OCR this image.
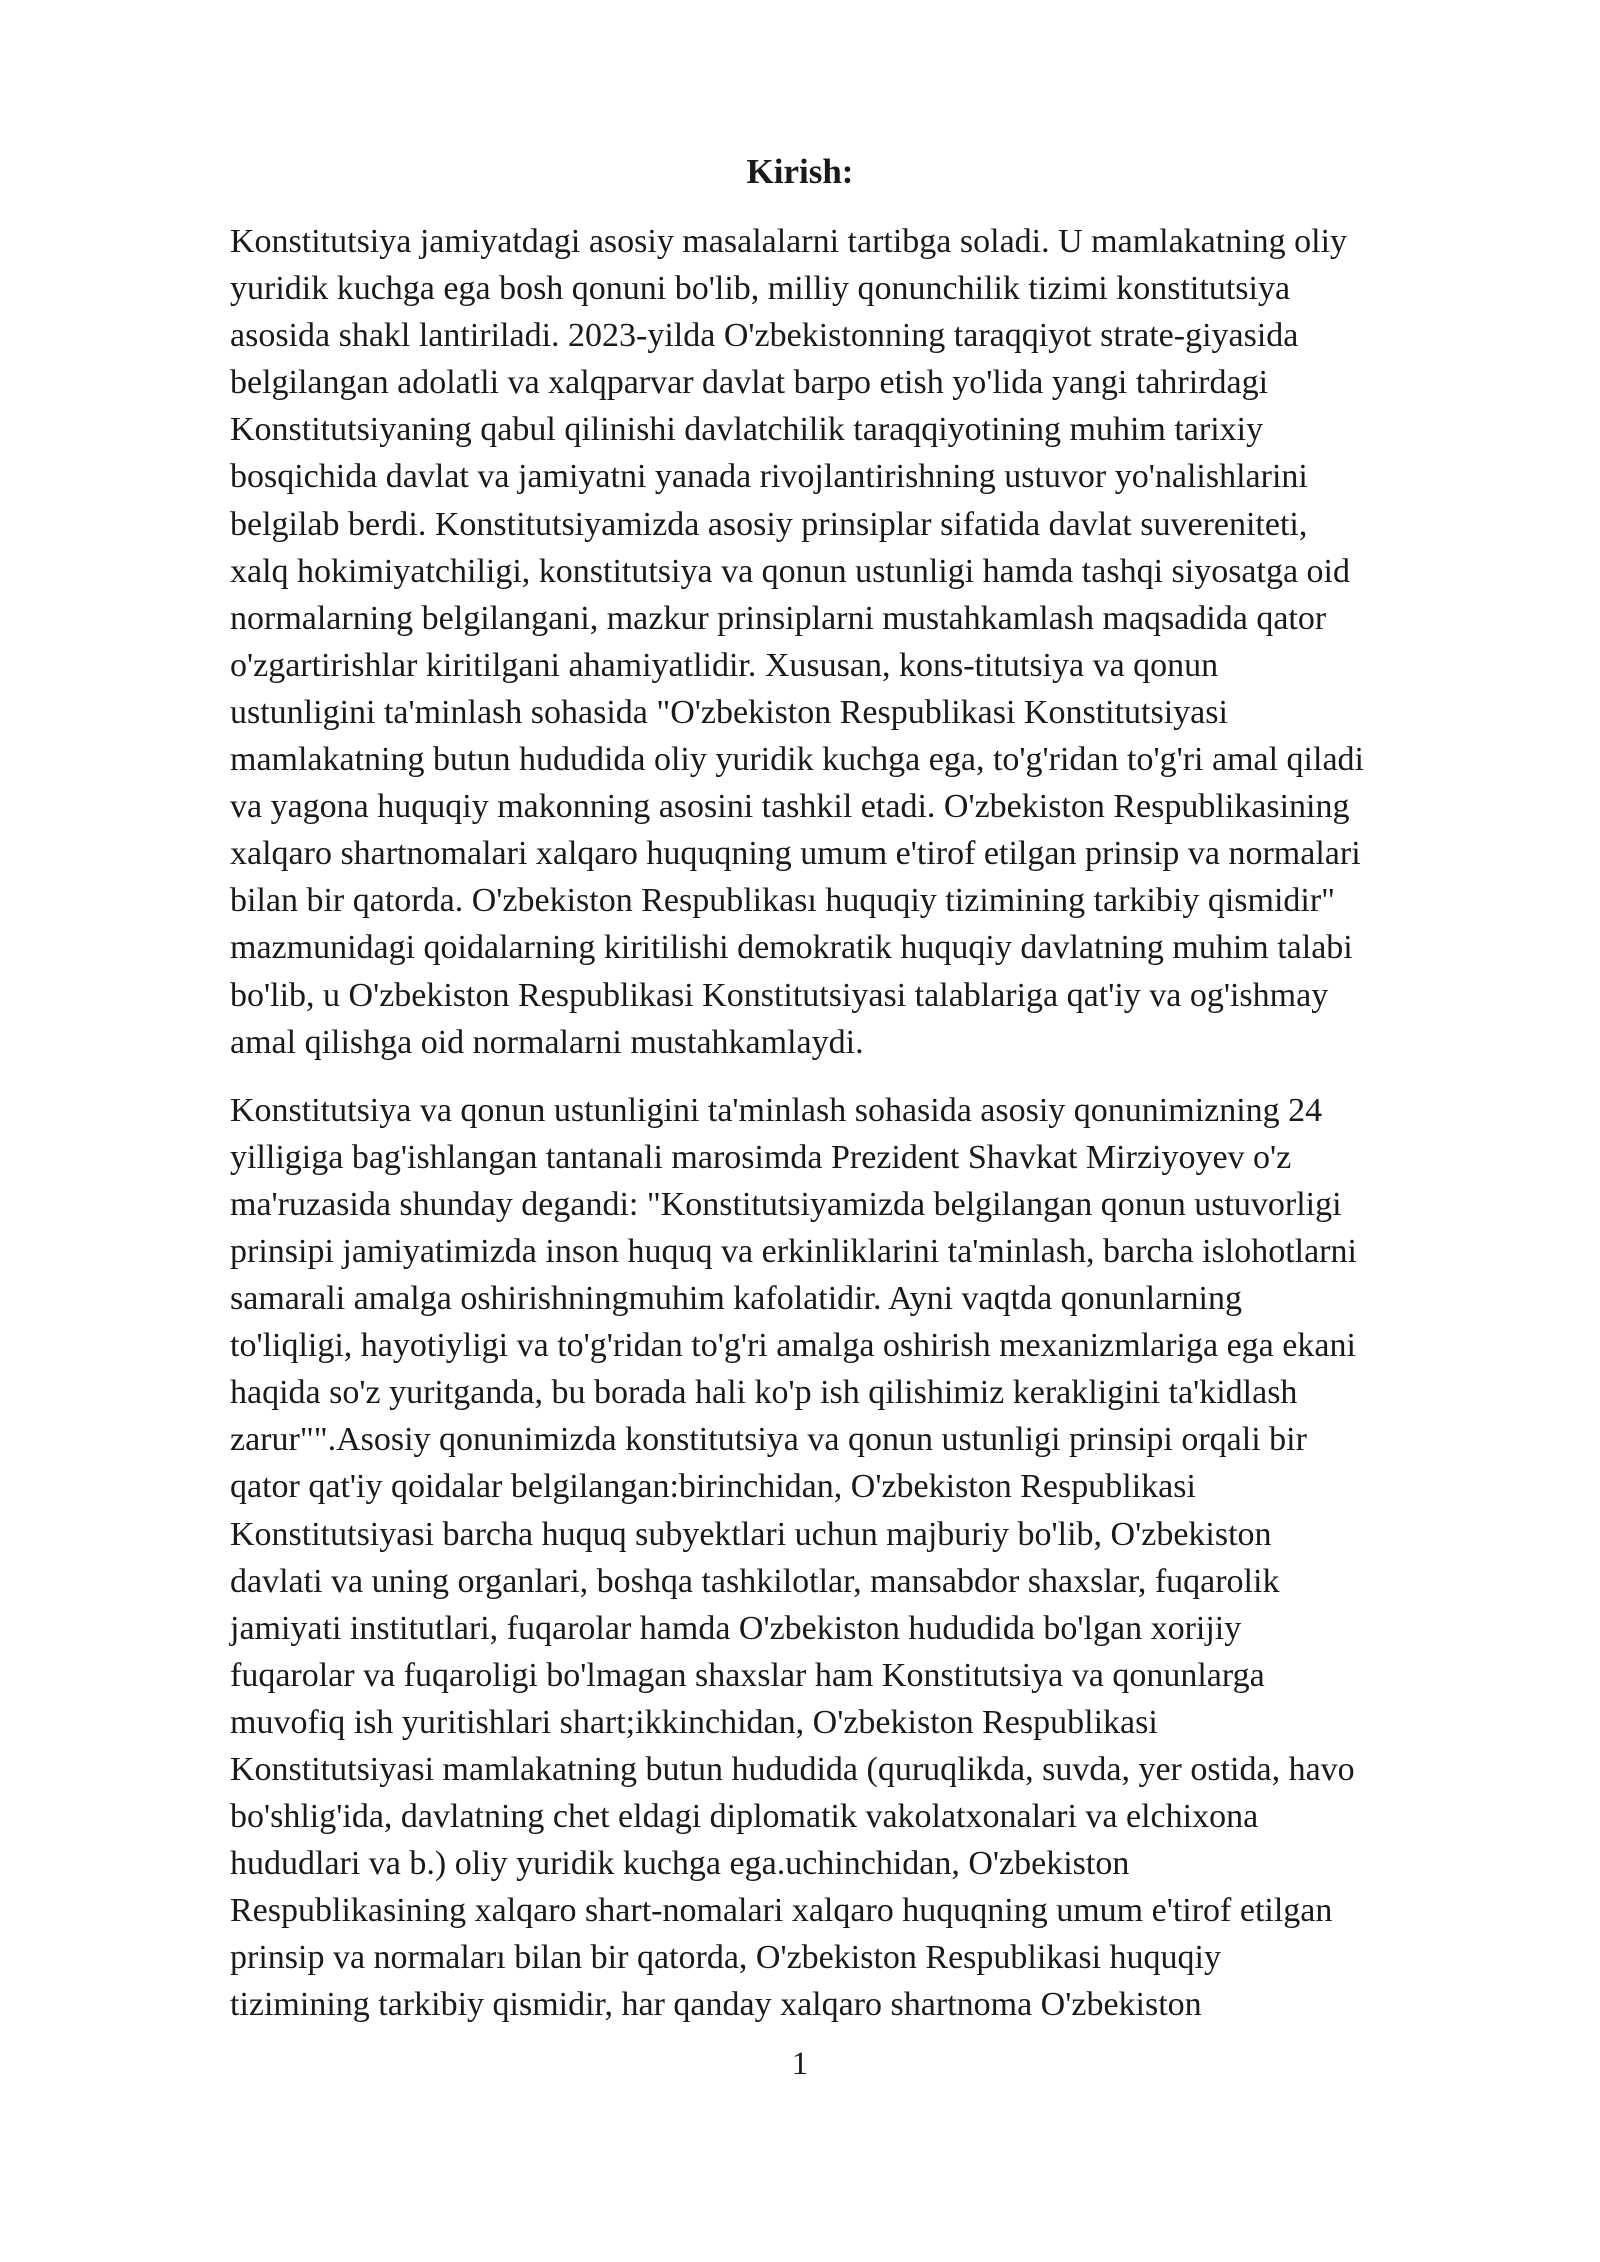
Kirish:
Konstitutsiya jamiyatdagi asosiy masalalarni tartibga soladi. U mamlakatning oliy
yuridik kuchga ega bosh qonuni bo'lib, milliy qonunchilik tizimi konstitutsiya
asosida shakl lantiriladi. 2023-yilda O'zbekistonning taraqqiyot strate-giyasida
belgilangan adolatli va xalqparvar davlat barpo etish yo'lida yangi tahrirdagi
Konstitutsiyaning qabul qilinishi davlatchilik taraqqiyotining muhim tarixiy
bosqichida davlat va jamiyatni yanada rivojlantirishning ustuvor yo'nalishlarini
belgilab berdi. Konstitutsiyamizda asosiy prinsiplar sifatida davlat suvereniteti,
xalq hokimiyatchiligi, konstitutsiya va qonun ustunligi hamda tashqi siyosatga oid
normalarning belgilangani, mazkur prinsiplarni mustahkamlash maqsadida qator
o'zgartirishlar kiritilgani ahamiyatlidir. Xususan, kons-titutsiya va qonun
ustunligini ta'minlash sohasida "O'zbekiston Respublikasi Konstitutsiyasi
mamlakatning butun hududida oliy yuridik kuchga ega, to'g'ridan to'g'ri amal qiladi
va yagona huquqiy makonning asosini tashkil etadi. O'zbekiston Respublikasining
xalqaro shartnomalari xalqaro huquqning umum e'tirof etilgan prinsip va normalari
bilan bir qatorda. O'zbekiston Respublikası huquqiy tizimining tarkibiy qismidir"
mazmunidagi qoidalarning kiritilishi demokratik huquqiy davlatning muhim talabi
bo'lib, u O'zbekiston Respublikasi Konstitutsiyasi talablariga qat'iy va og'ishmay
amal qilishga oid normalarni mustahkamlaydi.
Konstitutsiya va qonun ustunligini ta'minlash sohasida asosiy qonunimizning 24
yilligiga bag'ishlangan tantanali marosimda Prezident Shavkat Mirziyoyev o'z
ma'ruzasida shunday degandi: "Konstitutsiyamizda belgilangan qonun ustuvorligi
prinsipi jamiyatimizda inson huquq va erkinliklarini ta'minlash, barcha islohotlarni
samarali amalga oshirishningmuhim kafolatidir. Ayni vaqtda qonunlarning
to'liqligi, hayotiyligi va to'g'ridan to'g'ri amalga oshirish mexanizmlariga ega ekani
haqida so'z yuritganda, bu borada hali ko'p ish qilishimiz kerakligini ta'kidlash
zarur"".Asosiy qonunimizda konstitutsiya va qonun ustunligi prinsipi orqali bir
qator qat'iy qoidalar belgilangan:birinchidan, O'zbekiston Respublikasi
Konstitutsiyasi barcha huquq subyektlari uchun majburiy bo'lib, O'zbekiston
davlati va uning organlari, boshqa tashkilotlar, mansabdor shaxslar, fuqarolik
jamiyati institutlari, fuqarolar hamda O'zbekiston hududida bo'lgan xorijiy
fuqarolar va fuqaroligi bo'lmagan shaxslar ham Konstitutsiya va qonunlarga
muvofiq ish yuritishlari shart;ikkinchidan, O'zbekiston Respublikasi
Konstitutsiyasi mamlakatning butun hududida (quruqlikda, suvda, yer ostida, havo
bo'shlig'ida, davlatning chet eldagi diplomatik vakolatxonalari va elchixona
hududlari va b.) oliy yuridik kuchga ega.uchinchidan, O'zbekiston
Respublikasining xalqaro shart-nomalari xalqaro huquqning umum e'tirof etilgan
prinsip va normaları bilan bir qatorda, O'zbekiston Respublikasi huquqiy
tizimining tarkibiy qismidir, har qanday xalqaro shartnoma O'zbekiston
1
